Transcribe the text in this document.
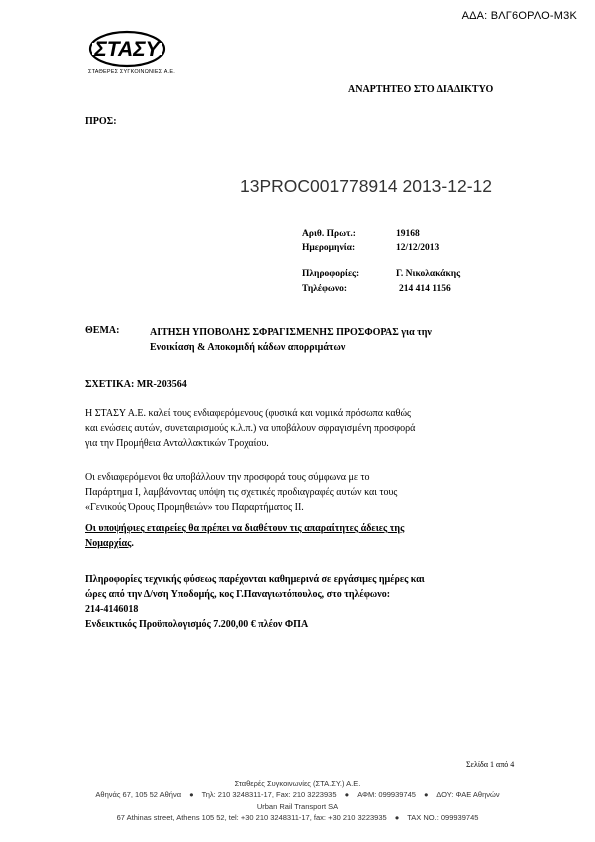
ΑΔΑ: ΒΛΓ6ΟΡΛΟ-Μ3Κ
ΣΤΑΣΥ
ΣΤΑΘΕΡΕΣ ΣΥΓΚΟΙΝΩΝΙΕΣ Α.Ε.
ΑΝΑΡΤΗΤΕΟ ΣΤΟ ΔΙΑΔΙΚΤΥΟ
ΠΡΟΣ:
13PROC001778914 2013-12-12
Αριθ. Πρωτ.:	19168
Ημερομηνία:	12/12/2013
Πληροφορίες:	Γ. Νικολακάκης
Τηλέφωνο:	214 414 1156
ΘΕΜΑ:	ΑΙΤΗΣΗ ΥΠΟΒΟΛΗΣ ΣΦΡΑΓΙΣΜΕΝΗΣ ΠΡΟΣΦΟΡΑΣ για την
Ενοικίαση & Αποκομιδή κάδων απορριμάτων
ΣΧΕΤΙΚΑ: MR-203564
Η ΣΤΑΣΥ Α.Ε. καλεί τους ενδιαφερόμενους (φυσικά και νομικά πρόσωπα καθώς
και ενώσεις αυτών, συνεταιρισμούς κ.λ.π.) να υποβάλουν σφραγισμένη προσφορά
για την Προμήθεια Ανταλλακτικών Τροχαίου.
Οι ενδιαφερόμενοι θα υποβάλλουν την προσφορά τους σύμφωνα με το
Παράρτημα Ι, λαμβάνοντας υπόψη τις σχετικές προδιαγραφές αυτών και τους
«Γενικούς Όρους Προμηθειών» του Παραρτήματος ΙΙ.
Οι υποψήφιες εταιρείες θα πρέπει να διαθέτουν τις απαραίτητες άδειες της
Νομαρχίας.
Πληροφορίες τεχνικής φύσεως παρέχονται καθημερινά σε εργάσιμες ημέρες και
ώρες από την Δ/νση Υποδομής, κος Γ.Παναγιωτόπουλος, στο τηλέφωνο:
214-4146018
Ενδεικτικός Προϋπολογισμός 7.200,00 € πλέον ΦΠΑ
Σελίδα 1 από 4
Σταθερές Συγκοινωνίες (ΣΤΑ.ΣΥ.) Α.Ε.
Αθηνάς 67, 105 52 Αθήνα ● Τηλ: 210 3248311-17, Fax: 210 3223935 ● ΑΦΜ: 099939745 ● ΔΟΥ: ΦΑΕ Αθηνών
Urban Rail Transport SA
67 Athinas street, Athens 105 52, tel: +30 210 3248311-17, fax: +30 210 3223935 ● TAX NO.: 099939745
